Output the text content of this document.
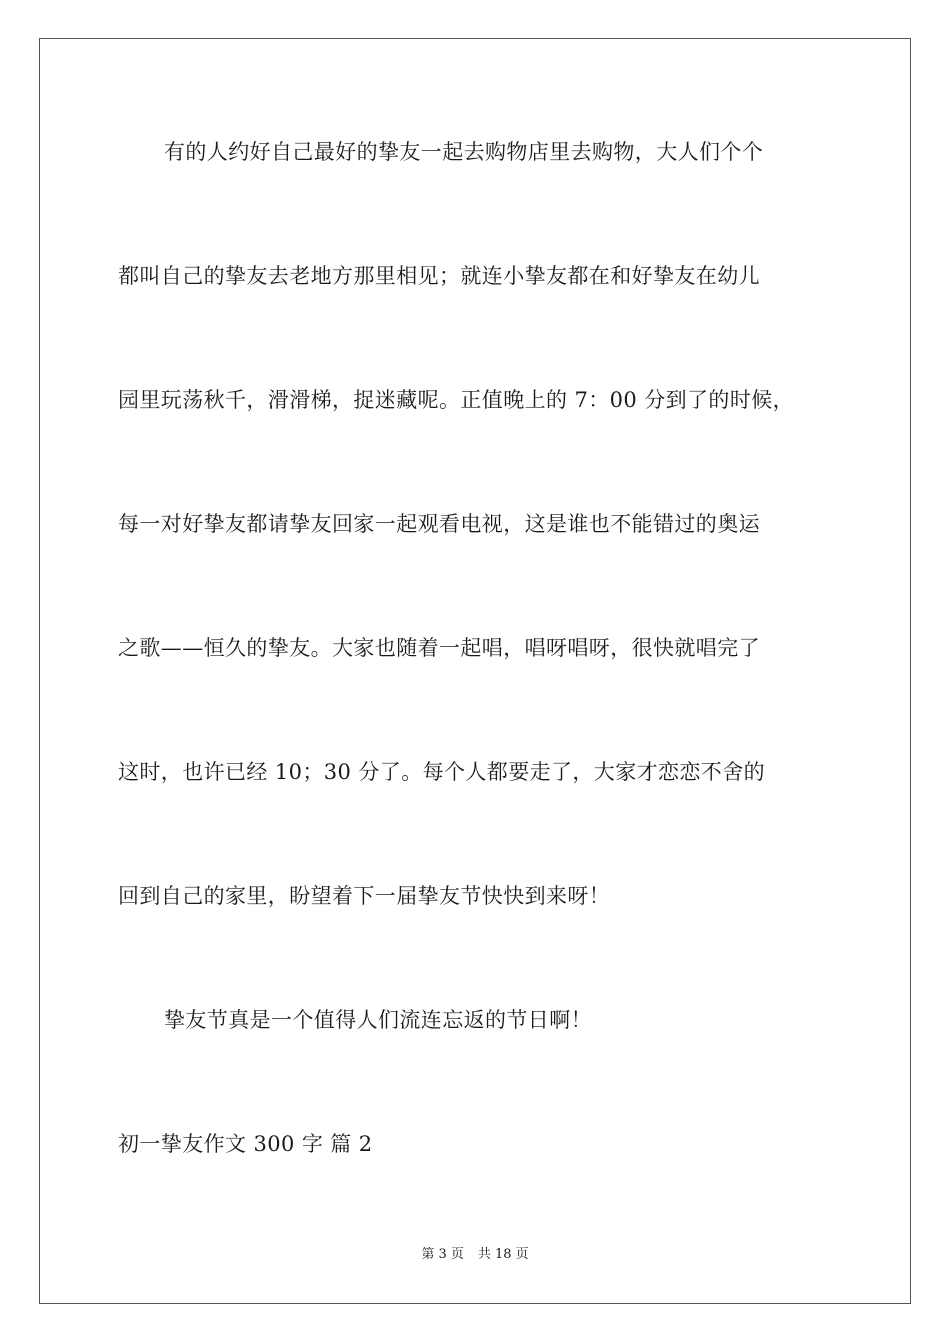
有的人约好自己最好的挚友一起去购物店里去购物，大人们个个
都叫自己的挚友去老地方那里相见；就连小挚友都在和好挚友在幼儿
园里玩荡秋千，滑滑梯，捉迷藏呢。正值晚上的 7：00 分到了的时候，
每一对好挚友都请挚友回家一起观看电视，这是谁也不能错过的奥运
之歌——恒久的挚友。大家也随着一起唱，唱呀唱呀，很快就唱完了
这时，也许已经 10；30 分了。每个人都要走了，大家才恋恋不舍的
回到自己的家里，盼望着下一届挚友节快快到来呀！
挚友节真是一个值得人们流连忘返的节日啊！
初一挚友作文 300 字 篇 2
第 3 页 共 18 页
